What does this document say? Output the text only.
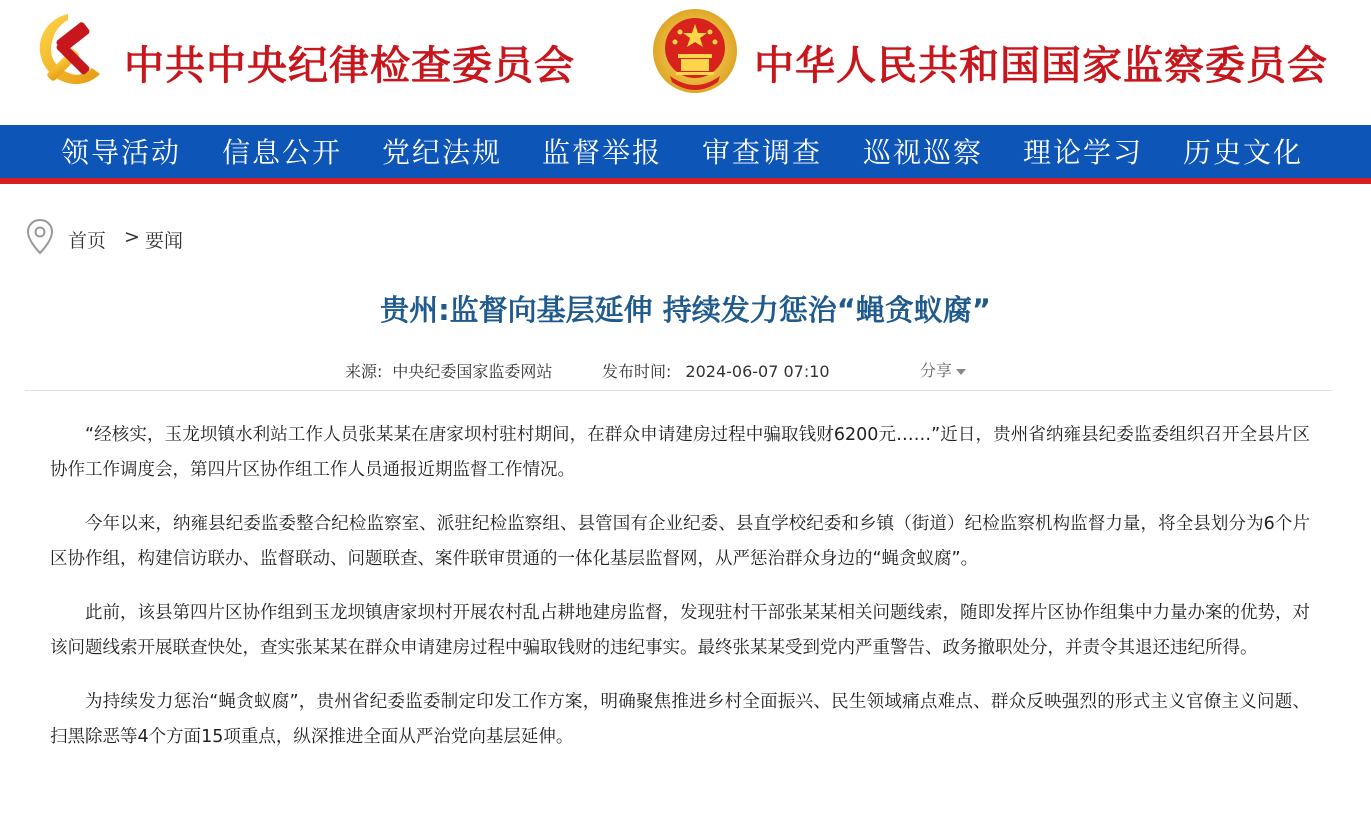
中共中央纪律检查委员会	中华人民共和国国家监察委员会
领导活动 信息公开 党纪法规 监督举报 审查调查 巡视巡察 理论学习 历史文化
首页 > 要闻
贵州:监督向基层延伸 持续发力惩治“蝇贪蚁腐”
来源: 中央纪委国家监委网站	发布时间: 2024-06-07 07:10	分享

“经核实，玉龙坝镇水利站工作人员张某某在唐家坝村驻村期间，在群众申请建房过程中骗取钱财6200元……”近日，贵州省纳雍县纪委监委组织召开全县片区协作工作调度会，第四片区协作组工作人员通报近期监督工作情况。

今年以来，纳雍县纪委监委整合纪检监察室、派驻纪检监察组、县管国有企业纪委、县直学校纪委和乡镇（街道）纪检监察机构监督力量，将全县划分为6个片区协作组，构建信访联办、监督联动、问题联查、案件联审贯通的一体化基层监督网，从严惩治群众身边的“蝇贪蚁腐”。

此前，该县第四片区协作组到玉龙坝镇唐家坝村开展农村乱占耕地建房监督，发现驻村干部张某某相关问题线索，随即发挥片区协作组集中力量办案的优势，对该问题线索开展联查快处，查实张某某在群众申请建房过程中骗取钱财的违纪事实。最终张某某受到党内严重警告、政务撤职处分，并责令其退还违纪所得。

为持续发力惩治“蝇贪蚁腐”，贵州省纪委监委制定印发工作方案，明确聚焦推进乡村全面振兴、民生领域痛点难点、群众反映强烈的形式主义官僚主义问题、扫黑除恶等4个方面15项重点，纵深推进全面从严治党向基层延伸。
